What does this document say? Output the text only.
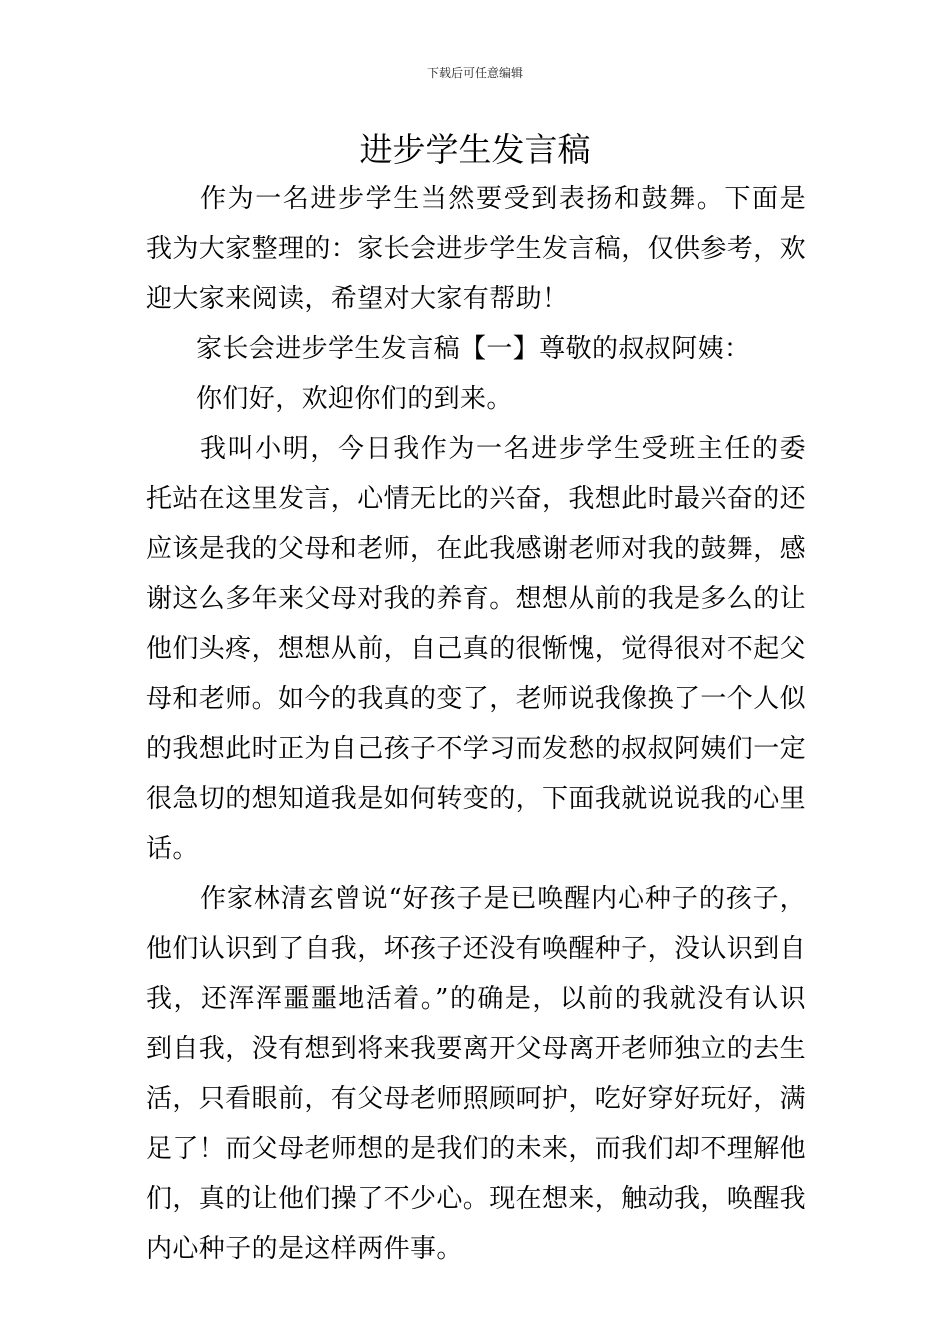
下载后可任意编辑
进步学生发言稿

作为一名进步学生当然要受到表扬和鼓舞。下面是我为大家整理的：家长会进步学生发言稿，仅供参考，欢迎大家来阅读，希望对大家有帮助！

家长会进步学生发言稿【一】尊敬的叔叔阿姨：

你们好，欢迎你们的到来。

我叫小明，今日我作为一名进步学生受班主任的委托站在这里发言，心情无比的兴奋，我想此时最兴奋的还应该是我的父母和老师，在此我感谢老师对我的鼓舞，感谢这么多年来父母对我的养育。想想从前的我是多么的让他们头疼，想想从前，自己真的很惭愧，觉得很对不起父母和老师。如今的我真的变了，老师说我像换了一个人似的我想此时正为自己孩子不学习而发愁的叔叔阿姨们一定很急切的想知道我是如何转变的，下面我就说说我的心里话。

作家林清玄曾说“好孩子是已唤醒内心种子的孩子，他们认识到了自我，坏孩子还没有唤醒种子，没认识到自我，还浑浑噩噩地活着。”的确是，以前的我就没有认识到自我，没有想到将来我要离开父母离开老师独立的去生活，只看眼前，有父母老师照顾呵护，吃好穿好玩好，满足了！而父母老师想的是我们的未来，而我们却不理解他们，真的让他们操了不少心。现在想来，触动我，唤醒我内心种子的是这样两件事。
